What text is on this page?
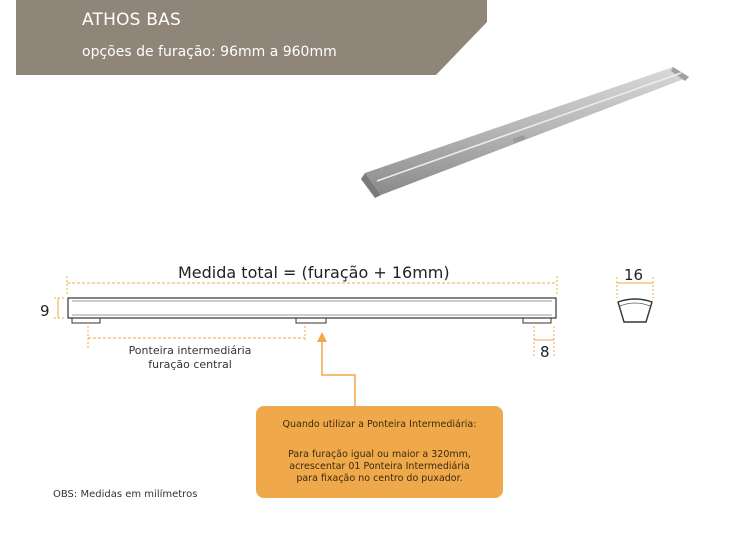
ATHOS BAS
opções de furação: 96mm a 960mm
Medida total = (furação + 16mm)
9
8
16
Ponteira intermediária
furação central
Quando utilizar a Ponteira Intermediária:
Para furação igual ou maior a 320mm,
acrescentar 01 Ponteira Intermediária
para fixação no centro do puxador.
OBS: Medidas em milímetros
